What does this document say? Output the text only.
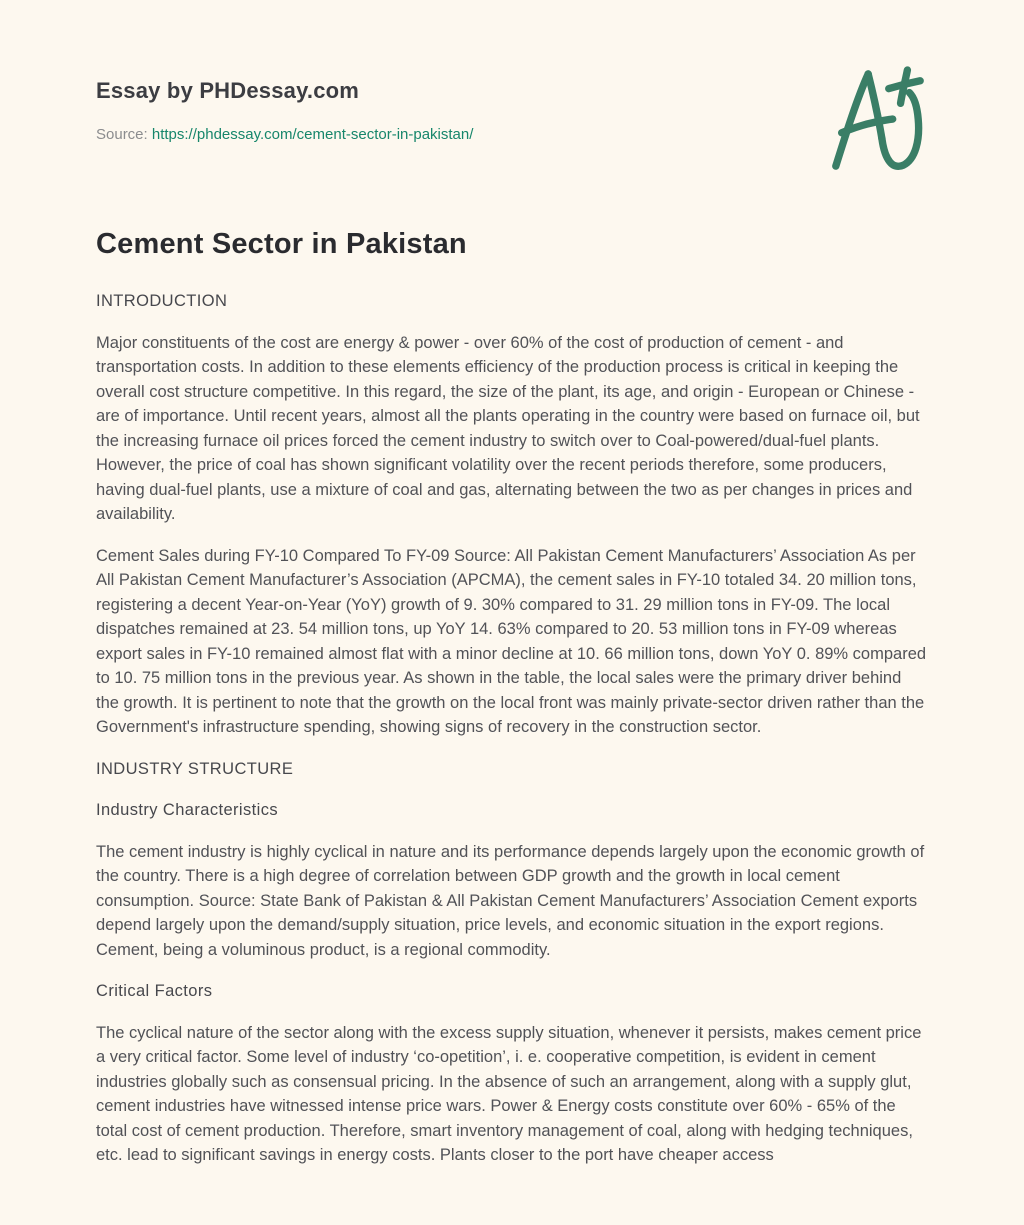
Essay by PHDessay.com
Source: https://phdessay.com/cement-sector-in-pakistan/
Cement Sector in Pakistan
INTRODUCTION

Major constituents of the cost are energy & power - over 60% of the cost of production of cement - and transportation costs. In addition to these elements efficiency of the production process is critical in keeping the overall cost structure competitive. In this regard, the size of the plant, its age, and origin - European or Chinese - are of importance. Until recent years, almost all the plants operating in the country were based on furnace oil, but the increasing furnace oil prices forced the cement industry to switch over to Coal-powered/dual-fuel plants. However, the price of coal has shown significant volatility over the recent periods therefore, some producers, having dual-fuel plants, use a mixture of coal and gas, alternating between the two as per changes in prices and availability.

Cement Sales during FY-10 Compared To FY-09 Source: All Pakistan Cement Manufacturers’ Association As per All Pakistan Cement Manufacturer’s Association (APCMA), the cement sales in FY-10 totaled 34. 20 million tons, registering a decent Year-on-Year (YoY) growth of 9. 30% compared to 31. 29 million tons in FY-09. The local dispatches remained at 23. 54 million tons, up YoY 14. 63% compared to 20. 53 million tons in FY-09 whereas export sales in FY-10 remained almost flat with a minor decline at 10. 66 million tons, down YoY 0. 89% compared to 10. 75 million tons in the previous year. As shown in the table, the local sales were the primary driver behind the growth. It is pertinent to note that the growth on the local front was mainly private-sector driven rather than the Government's infrastructure spending, showing signs of recovery in the construction sector.

INDUSTRY STRUCTURE
Industry Characteristics

The cement industry is highly cyclical in nature and its performance depends largely upon the economic growth of the country. There is a high degree of correlation between GDP growth and the growth in local cement consumption. Source: State Bank of Pakistan & All Pakistan Cement Manufacturers’ Association Cement exports depend largely upon the demand/supply situation, price levels, and economic situation in the export regions. Cement, being a voluminous product, is a regional commodity.

Critical Factors

The cyclical nature of the sector along with the excess supply situation, whenever it persists, makes cement price a very critical factor. Some level of industry ‘co-opetition’, i. e. cooperative competition, is evident in cement industries globally such as consensual pricing. In the absence of such an arrangement, along with a supply glut, cement industries have witnessed intense price wars. Power & Energy costs constitute over 60% - 65% of the total cost of cement production. Therefore, smart inventory management of coal, along with hedging techniques, etc. lead to significant savings in energy costs. Plants closer to the port have cheaper access
